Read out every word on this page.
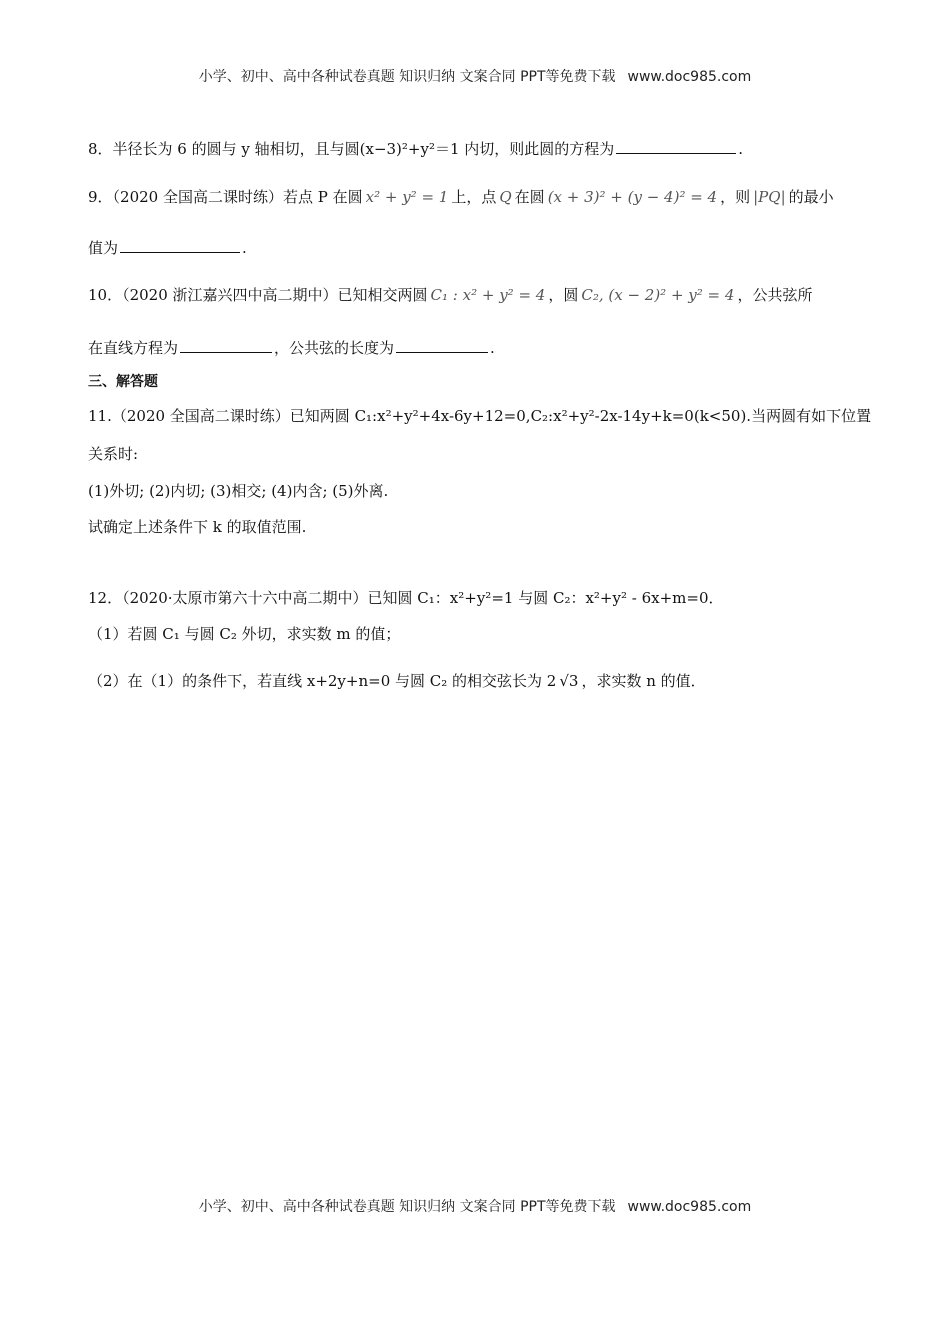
小学、初中、高中各种试卷真题 知识归纳 文案合同 PPT等免费下载 www.doc985.com
8．半径长为 6 的圆与 y 轴相切，且与圆(x−3)²+y²＝1 内切，则此圆的方程为	.
9．（2020 全国高二课时练）若点 P 在圆 x² + y² = 1 上，点 Q 在圆 (x + 3)² + (y − 4)² = 4 ，则 |PQ| 的最小
值为	.
10．（2020 浙江嘉兴四中高二期中）已知相交两圆 C₁ : x² + y² = 4 ，圆 C₂, (x − 2)² + y² = 4 ，公共弦所
在直线方程为	，公共弦的长度为	.
三、解答题
11.（2020 全国高二课时练）已知两圆 C₁:x²+y²+4x-6y+12=0,C₂:x²+y²-2x-14y+k=0(k<50).当两圆有如下位置
关系时:
(1)外切; (2)内切; (3)相交; (4)内含; (5)外离.
试确定上述条件下 k 的取值范围.
12．（2020·太原市第六十六中高二期中）已知圆 C₁：x²+y²=1 与圆 C₂：x²+y² - 6x+m=0．
（1）若圆 C₁ 与圆 C₂ 外切，求实数 m 的值；
（2）在（1）的条件下，若直线 x+2y+n=0 与圆 C₂ 的相交弦长为 2 √3 ，求实数 n 的值．
小学、初中、高中各种试卷真题 知识归纳 文案合同 PPT等免费下载 www.doc985.com
